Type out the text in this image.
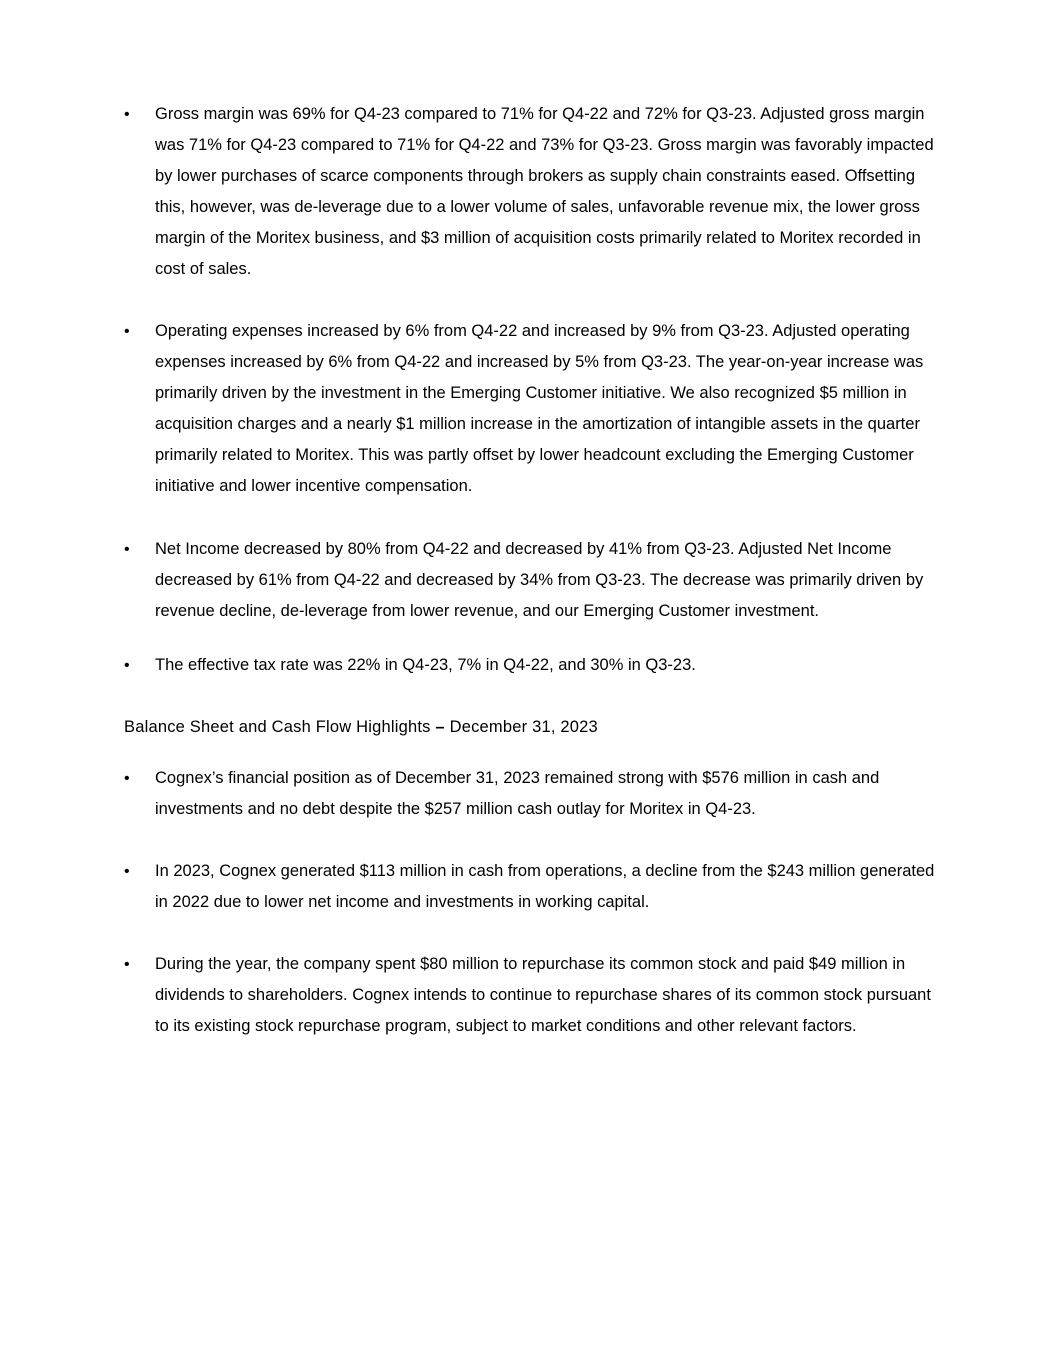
• Gross margin was 69% for Q4-23 compared to 71% for Q4-22 and 72% for Q3-23. Adjusted gross margin was 71% for Q4-23 compared to 71% for Q4-22 and 73% for Q3-23. Gross margin was favorably impacted by lower purchases of scarce components through brokers as supply chain constraints eased. Offsetting this, however, was de-leverage due to a lower volume of sales, unfavorable revenue mix, the lower gross margin of the Moritex business, and $3 million of acquisition costs primarily related to Moritex recorded in cost of sales.
• Operating expenses increased by 6% from Q4-22 and increased by 9% from Q3-23. Adjusted operating expenses increased by 6% from Q4-22 and increased by 5% from Q3-23. The year-on-year increase was primarily driven by the investment in the Emerging Customer initiative. We also recognized $5 million in acquisition charges and a nearly $1 million increase in the amortization of intangible assets in the quarter primarily related to Moritex. This was partly offset by lower headcount excluding the Emerging Customer initiative and lower incentive compensation.
• Net Income decreased by 80% from Q4-22 and decreased by 41% from Q3-23. Adjusted Net Income decreased by 61% from Q4-22 and decreased by 34% from Q3-23. The decrease was primarily driven by revenue decline, de-leverage from lower revenue, and our Emerging Customer investment.
• The effective tax rate was 22% in Q4-23, 7% in Q4-22, and 30% in Q3-23.
Balance Sheet and Cash Flow Highlights – December 31, 2023
• Cognex’s financial position as of December 31, 2023 remained strong with $576 million in cash and investments and no debt despite the $257 million cash outlay for Moritex in Q4-23.
• In 2023, Cognex generated $113 million in cash from operations, a decline from the $243 million generated in 2022 due to lower net income and investments in working capital.
• During the year, the company spent $80 million to repurchase its common stock and paid $49 million in dividends to shareholders. Cognex intends to continue to repurchase shares of its common stock pursuant to its existing stock repurchase program, subject to market conditions and other relevant factors.
